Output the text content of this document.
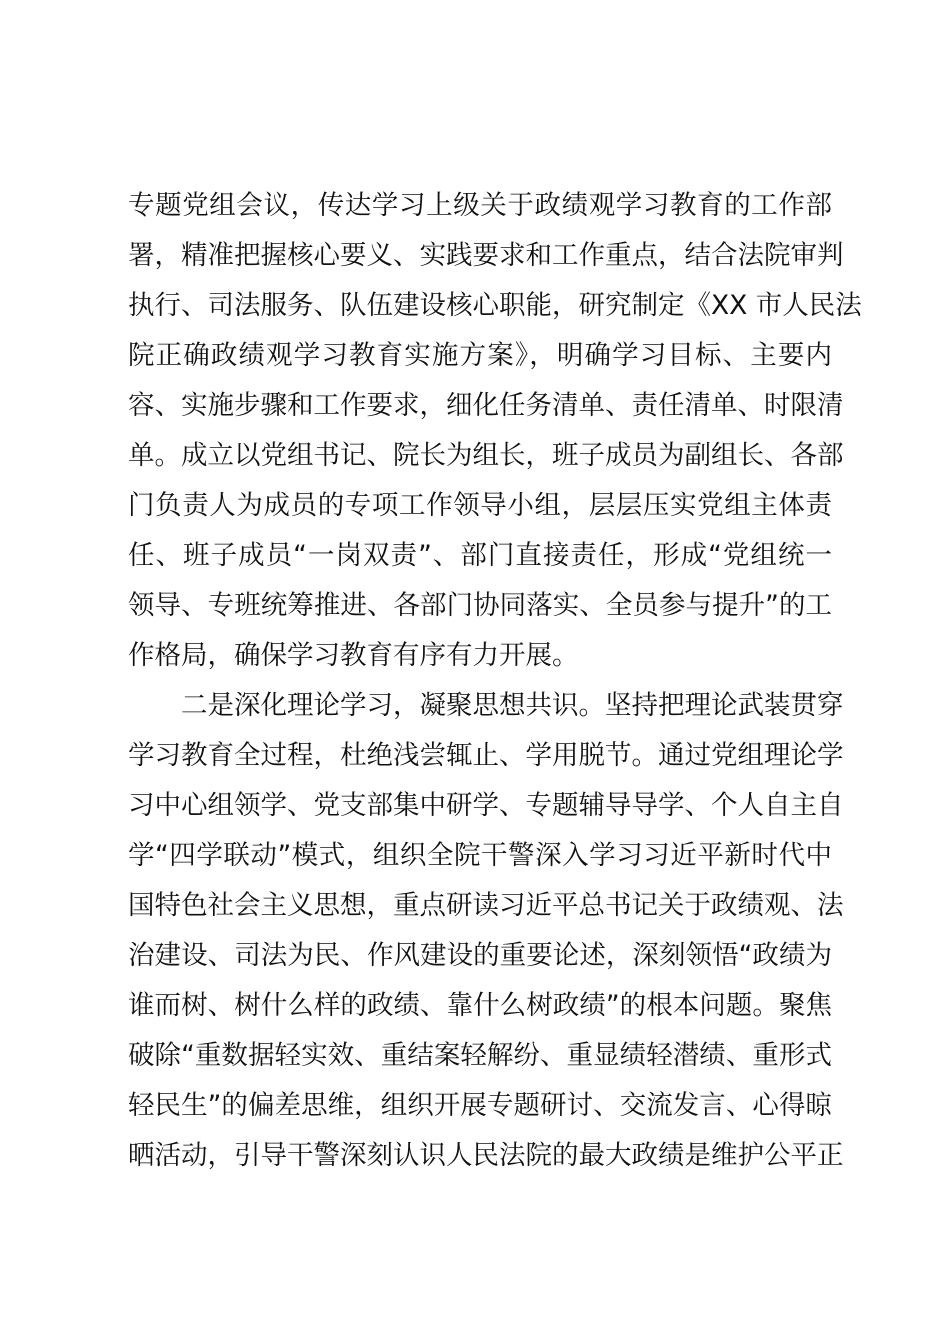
专题党组会议，传达学习上级关于政绩观学习教育的工作部
署，精准把握核心要义、实践要求和工作重点，结合法院审判
执行、司法服务、队伍建设核心职能，研究制定《XX 市人民法
院正确政绩观学习教育实施方案》，明确学习目标、主要内
容、实施步骤和工作要求，细化任务清单、责任清单、时限清
单。成立以党组书记、院长为组长，班子成员为副组长、各部
门负责人为成员的专项工作领导小组，层层压实党组主体责
任、班子成员“一岗双责”、部门直接责任，形成“党组统一
领导、专班统筹推进、各部门协同落实、全员参与提升”的工
作格局，确保学习教育有序有力开展。
二是深化理论学习，凝聚思想共识。坚持把理论武装贯穿
学习教育全过程，杜绝浅尝辄止、学用脱节。通过党组理论学
习中心组领学、党支部集中研学、专题辅导导学、个人自主自
学“四学联动”模式，组织全院干警深入学习习近平新时代中
国特色社会主义思想，重点研读习近平总书记关于政绩观、法
治建设、司法为民、作风建设的重要论述，深刻领悟“政绩为
谁而树、树什么样的政绩、靠什么树政绩”的根本问题。聚焦
破除“重数据轻实效、重结案轻解纷、重显绩轻潜绩、重形式
轻民生”的偏差思维，组织开展专题研讨、交流发言、心得晾
晒活动，引导干警深刻认识人民法院的最大政绩是维护公平正
